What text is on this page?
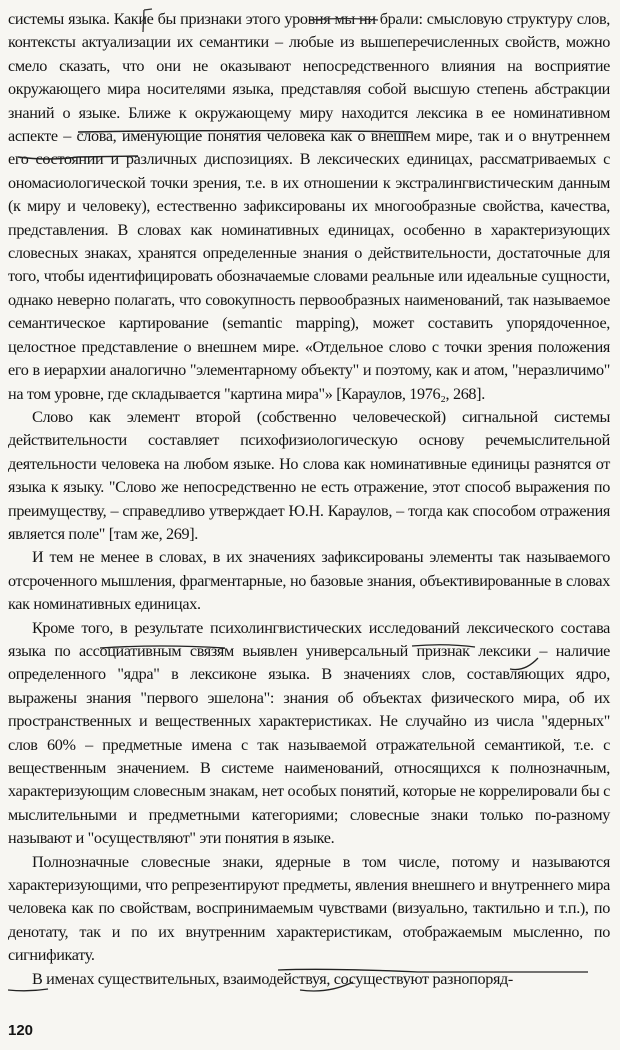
системы языка. Какие бы признаки этого уровня мы ни брали: смысловую структуру слов, контексты актуализации их семантики – любые из вышеперечисленных свойств, можно смело сказать, что они не оказывают непосредственного влияния на восприятие окружающего мира носителями языка, представляя собой высшую степень абстракции знаний о языке. Ближе к окружающему миру находится лексика в ее номинативном аспекте – слова, именующие понятия человека как о внешнем мире, так и о внутреннем его состоянии и различных диспозициях. В лексических единицах, рассматриваемых с ономасиологической точки зрения, т.е. в их отношении к экстралингвистическим данным (к миру и человеку), естественно зафиксированы их многообразные свойства, качества, представления. В словах как номинативных единицах, особенно в характеризующих словесных знаках, хранятся определенные знания о действительности, достаточные для того, чтобы идентифицировать обозначаемые словами реальные или идеальные сущности, однако неверно полагать, что совокупность первообразных наименований, так называемое семантическое картирование (semantic mapping), может составить упорядоченное, целостное представление о внешнем мире. «Отдельное слово с точки зрения положения его в иерархии аналогично "элементарному объекту" и поэтому, как и атом, "неразличимо" на том уровне, где складывается "картина мира"» [Караулов, 1976₂, 268].

Слово как элемент второй (собственно человеческой) сигнальной системы действительности составляет психофизиологическую основу речемыслительной деятельности человека на любом языке. Но слова как номинативные единицы разнятся от языка к языку. "Слово же непосредственно не есть отражение, этот способ выражения по преимуществу, – справедливо утверждает Ю.Н. Караулов, – тогда как способом отражения является поле" [там же, 269].

И тем не менее в словах, в их значениях зафиксированы элементы так называемого отсроченного мышления, фрагментарные, но базовые знания, объективированные в словах как номинативных единицах.

Кроме того, в результате психолингвистических исследований лексического состава языка по ассоциативным связям выявлен универсальный признак лексики – наличие определенного "ядра" в лексиконе языка. В значениях слов, составляющих ядро, выражены знания "первого эшелона": знания об объектах физического мира, об их пространственных и вещественных характеристиках. Не случайно из числа "ядерных" слов 60% – предметные имена с так называемой отражательной семантикой, т.е. с вещественным значением. В системе наименований, относящихся к полнозначным, характеризующим словесным знакам, нет особых понятий, которые не коррелировали бы с мыслительными и предметными категориями; словесные знаки только по-разному называют и "осуществляют" эти понятия в языке.

Полнозначные словесные знаки, ядерные в том числе, потому и называются характеризующими, что репрезентируют предметы, явления внешнего и внутреннего мира человека как по свойствам, воспринимаемым чувствами (визуально, тактильно и т.п.), по денотату, так и по их внутренним характеристикам, отображаемым мысленно, по сигнификату.

В именах существительных, взаимодействуя, сосуществуют разнопоряд-

120
